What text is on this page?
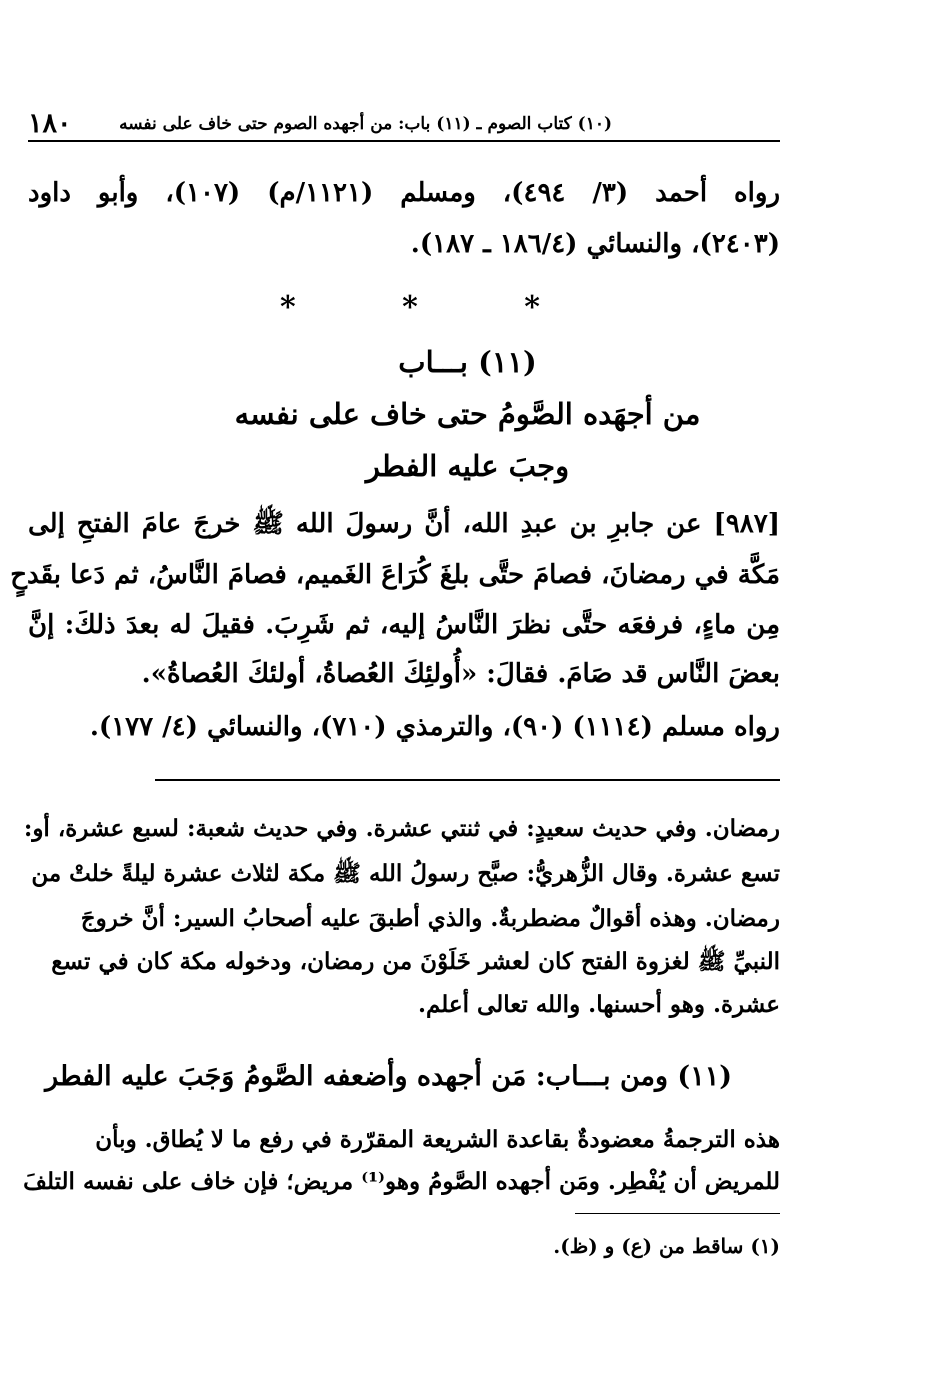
١٨٠	(١٠) كتاب الصوم ـ (١١) باب: من أجهده الصوم حتى خاف على نفسه
رواه أحمد (٣/ ٤٩٤)، ومسلم (١١٢١/م) (١٠٧)، وأبو داود
(٢٤٠٣)، والنسائي (١٨٦/٤ ـ ١٨٧).
*	*	*
(١١) بـــاب
من أجهَده الصَّومُ حتى خاف على نفسه
وجبَ عليه الفطر
[٩٨٧] عن جابرِ بن عبدِ الله، أنَّ رسولَ الله ﷺ خرجَ عامَ الفتحِ إلى
مَكَّة في رمضانَ، فصامَ حتَّى بلغَ كُرَاعَ الغَميم، فصامَ النَّاسُ، ثم دَعا بقَدحٍ
مِن ماءٍ، فرفعَه حتَّى نظرَ النَّاسُ إليه، ثم شَرِبَ. فقيلَ له بعدَ ذلكَ: إنَّ
بعضَ النَّاس قد صَامَ. فقالَ: «أُولئِكَ العُصاةُ، أولئكَ العُصاةُ».
رواه مسلم (١١١٤) (٩٠)، والترمذي (٧١٠)، والنسائي (٤/ ١٧٧).
رمضان. وفي حديث سعيدٍ: في ثنتي عشرة. وفي حديث شعبة: لسبع عشرة، أو:
تسع عشرة. وقال الزُّهريُّ: صبَّح رسولُ الله ﷺ مكة لثلاث عشرة ليلةً خلتْ من
رمضان. وهذه أقوالٌ مضطربةٌ. والذي أطبقَ عليه أصحابُ السير: أنَّ خروجَ
النبيِّ ﷺ لغزوة الفتح كان لعشر خَلَوْنَ من رمضان، ودخوله مكة كان في تسع
عشرة. وهو أحسنها. والله تعالى أعلم.
(١١) ومن بـــاب: مَن أجهده وأضعفه الصَّومُ وَجَبَ عليه الفطر
هذه الترجمةُ معضودةٌ بقاعدة الشريعة المقرّرة في رفع ما لا يُطاق. وبأن
للمريض أن يُفْطِر. ومَن أجهده الصَّومُ وهو⁽¹⁾ مريض؛ فإن خاف على نفسه التلفَ
(١) ساقط من (ع) و (ظ).
